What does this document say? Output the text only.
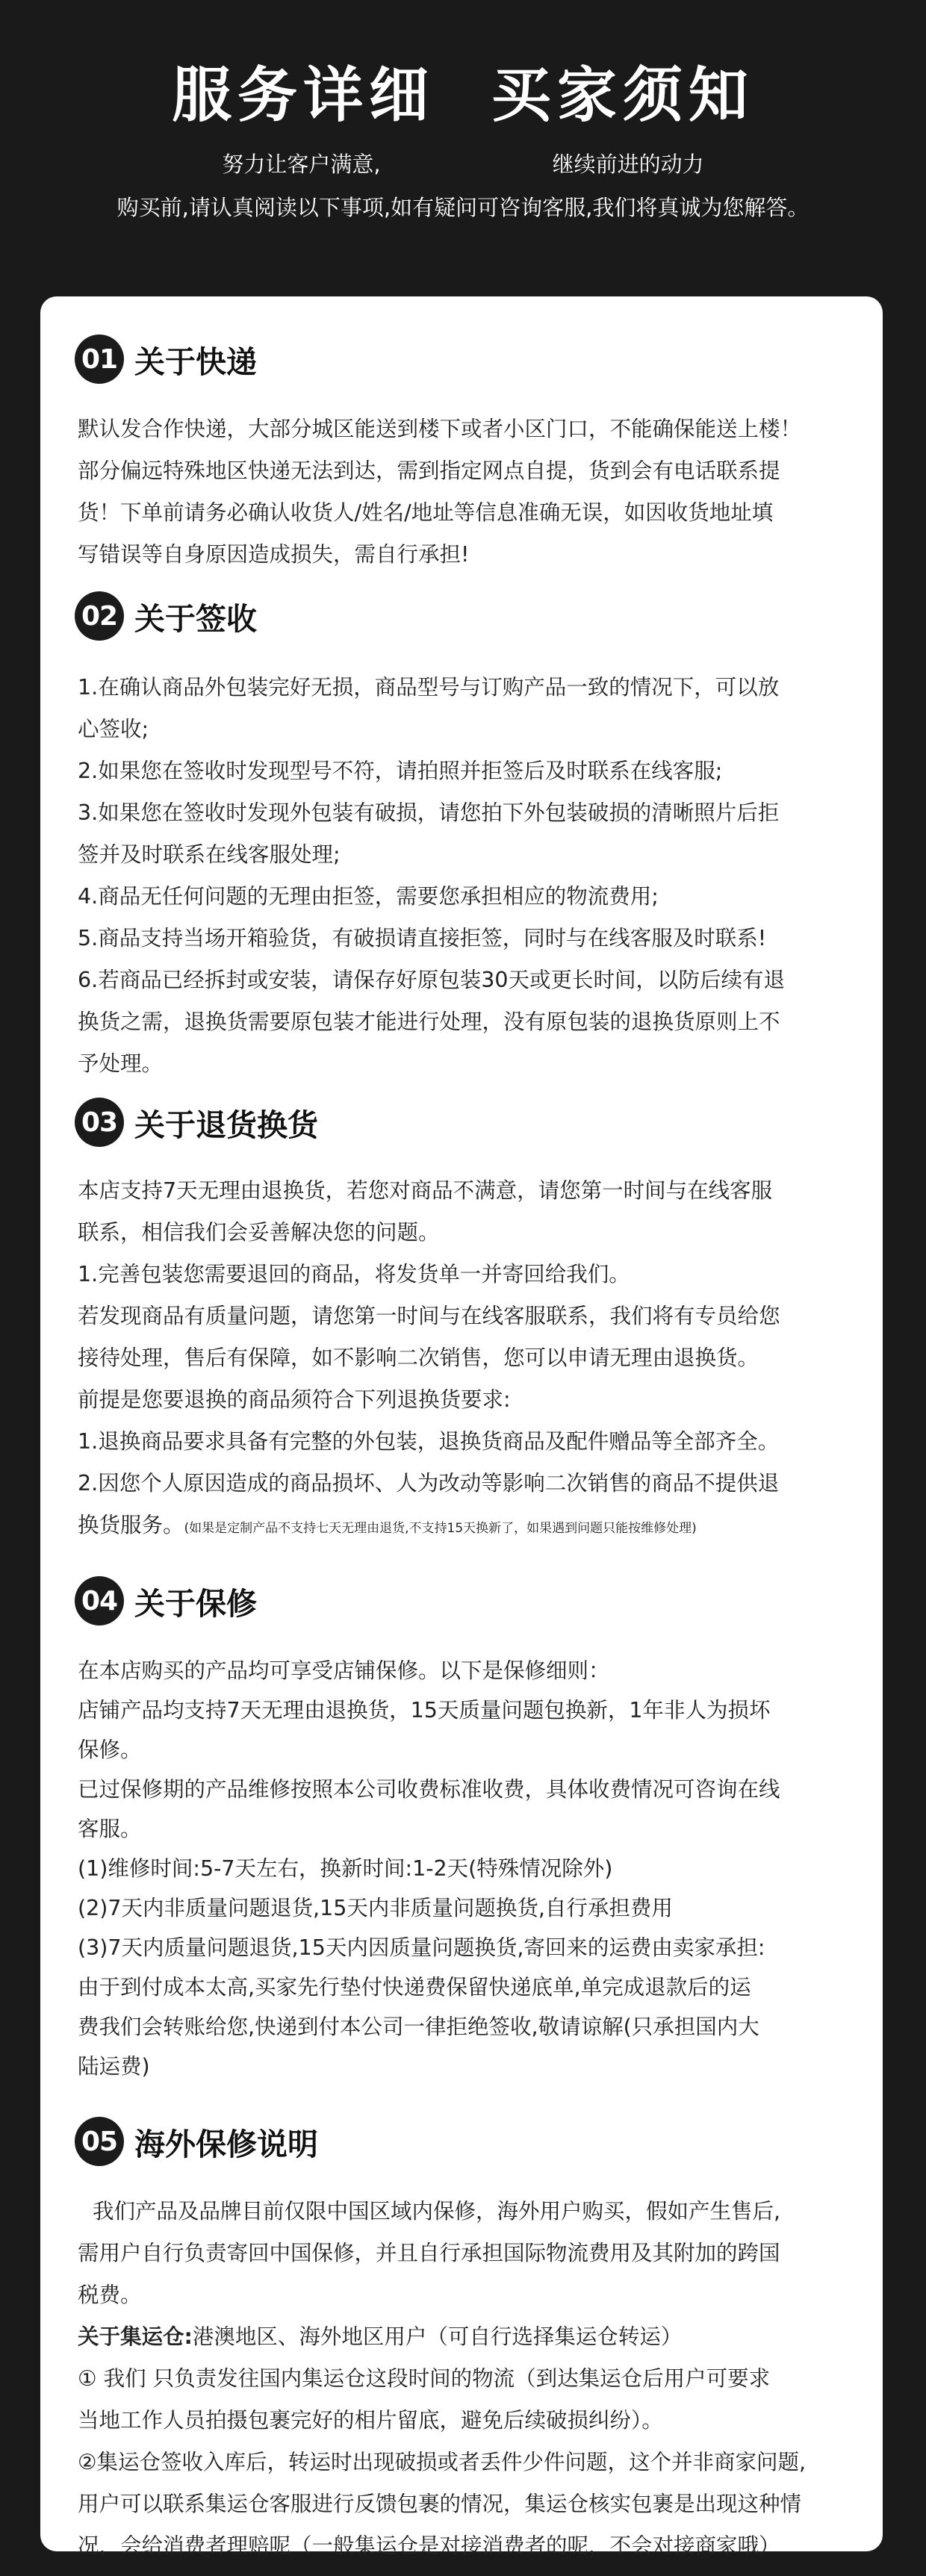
服务详细 买家须知
努力让客户满意,	继续前进的动力
购买前,请认真阅读以下事项,如有疑问可咨询客服,我们将真诚为您解答。
01 关于快递

默认发合作快递，大部分城区能送到楼下或者小区门口，不能确保能送上楼！

部分偏远特殊地区快递无法到达，需到指定网点自提，货到会有电话联系提

货！下单前请务必确认收货人/姓名/地址等信息准确无误，如因收货地址填

写错误等自身原因造成损失，需自行承担!

02 关于签收

1.在确认商品外包装完好无损，商品型号与订购产品一致的情况下，可以放

心签收;

2.如果您在签收时发现型号不符，请拍照并拒签后及时联系在线客服;

3.如果您在签收时发现外包装有破损，请您拍下外包装破损的清晰照片后拒

签并及时联系在线客服处理;

4.商品无任何问题的无理由拒签，需要您承担相应的物流费用;

5.商品支持当场开箱验货，有破损请直接拒签，同时与在线客服及时联系!

6.若商品已经拆封或安装，请保存好原包装30天或更长时间，以防后续有退

换货之需，退换货需要原包装才能进行处理，没有原包装的退换货原则上不

予处理。

03 关于退货换货

本店支持7天无理由退换货，若您对商品不满意，请您第一时间与在线客服

联系，相信我们会妥善解决您的问题。

1.完善包装您需要退回的商品，将发货单一并寄回给我们。

若发现商品有质量问题，请您第一时间与在线客服联系，我们将有专员给您

接待处理，售后有保障，如不影响二次销售，您可以申请无理由退换货。

前提是您要退换的商品须符合下列退换货要求:

1.退换商品要求具备有完整的外包装，退换货商品及配件赠品等全部齐全。

2.因您个人原因造成的商品损坏、人为改动等影响二次销售的商品不提供退

换货服务。(如果是定制产品不支持七天无理由退货,不支持15天换新了，如果遇到问题只能按维修处理)

04 关于保修

在本店购买的产品均可享受店铺保修。以下是保修细则：

店铺产品均支持7天无理由退换货，15天质量问题包换新，1年非人为损坏

保修。

已过保修期的产品维修按照本公司收费标准收费，具体收费情况可咨询在线

客服。

(1)维修时间:5-7天左右，换新时间:1-2天(特殊情况除外)

(2)7天内非质量问题退货,15天内非质量问题换货,自行承担费用

(3)7天内质量问题退货,15天内因质量问题换货,寄回来的运费由卖家承担:

由于到付成本太高,买家先行垫付快递费保留快递底单,单完成退款后的运

费我们会转账给您,快递到付本公司一律拒绝签收,敬请谅解(只承担国内大

陆运费)

05 海外保修说明

我们产品及品牌目前仅限中国区域内保修，海外用户购买，假如产生售后,

需用户自行负责寄回中国保修，并且自行承担国际物流费用及其附加的跨国

税费。

关于集运仓:港澳地区、海外地区用户（可自行选择集运仓转运）

① 我们 只负责发往国内集运仓这段时间的物流（到达集运仓后用户可要求

当地工作人员拍摄包裹完好的相片留底，避免后续破损纠纷）。

②集运仓签收入库后，转运时出现破损或者丢件少件问题，这个并非商家问题,

用户可以联系集运仓客服进行反馈包裹的情况，集运仓核实包裹是出现这种情

况，会给消费者理赔呢（一般集运仓是对接消费者的呢，不会对接商家哦）
